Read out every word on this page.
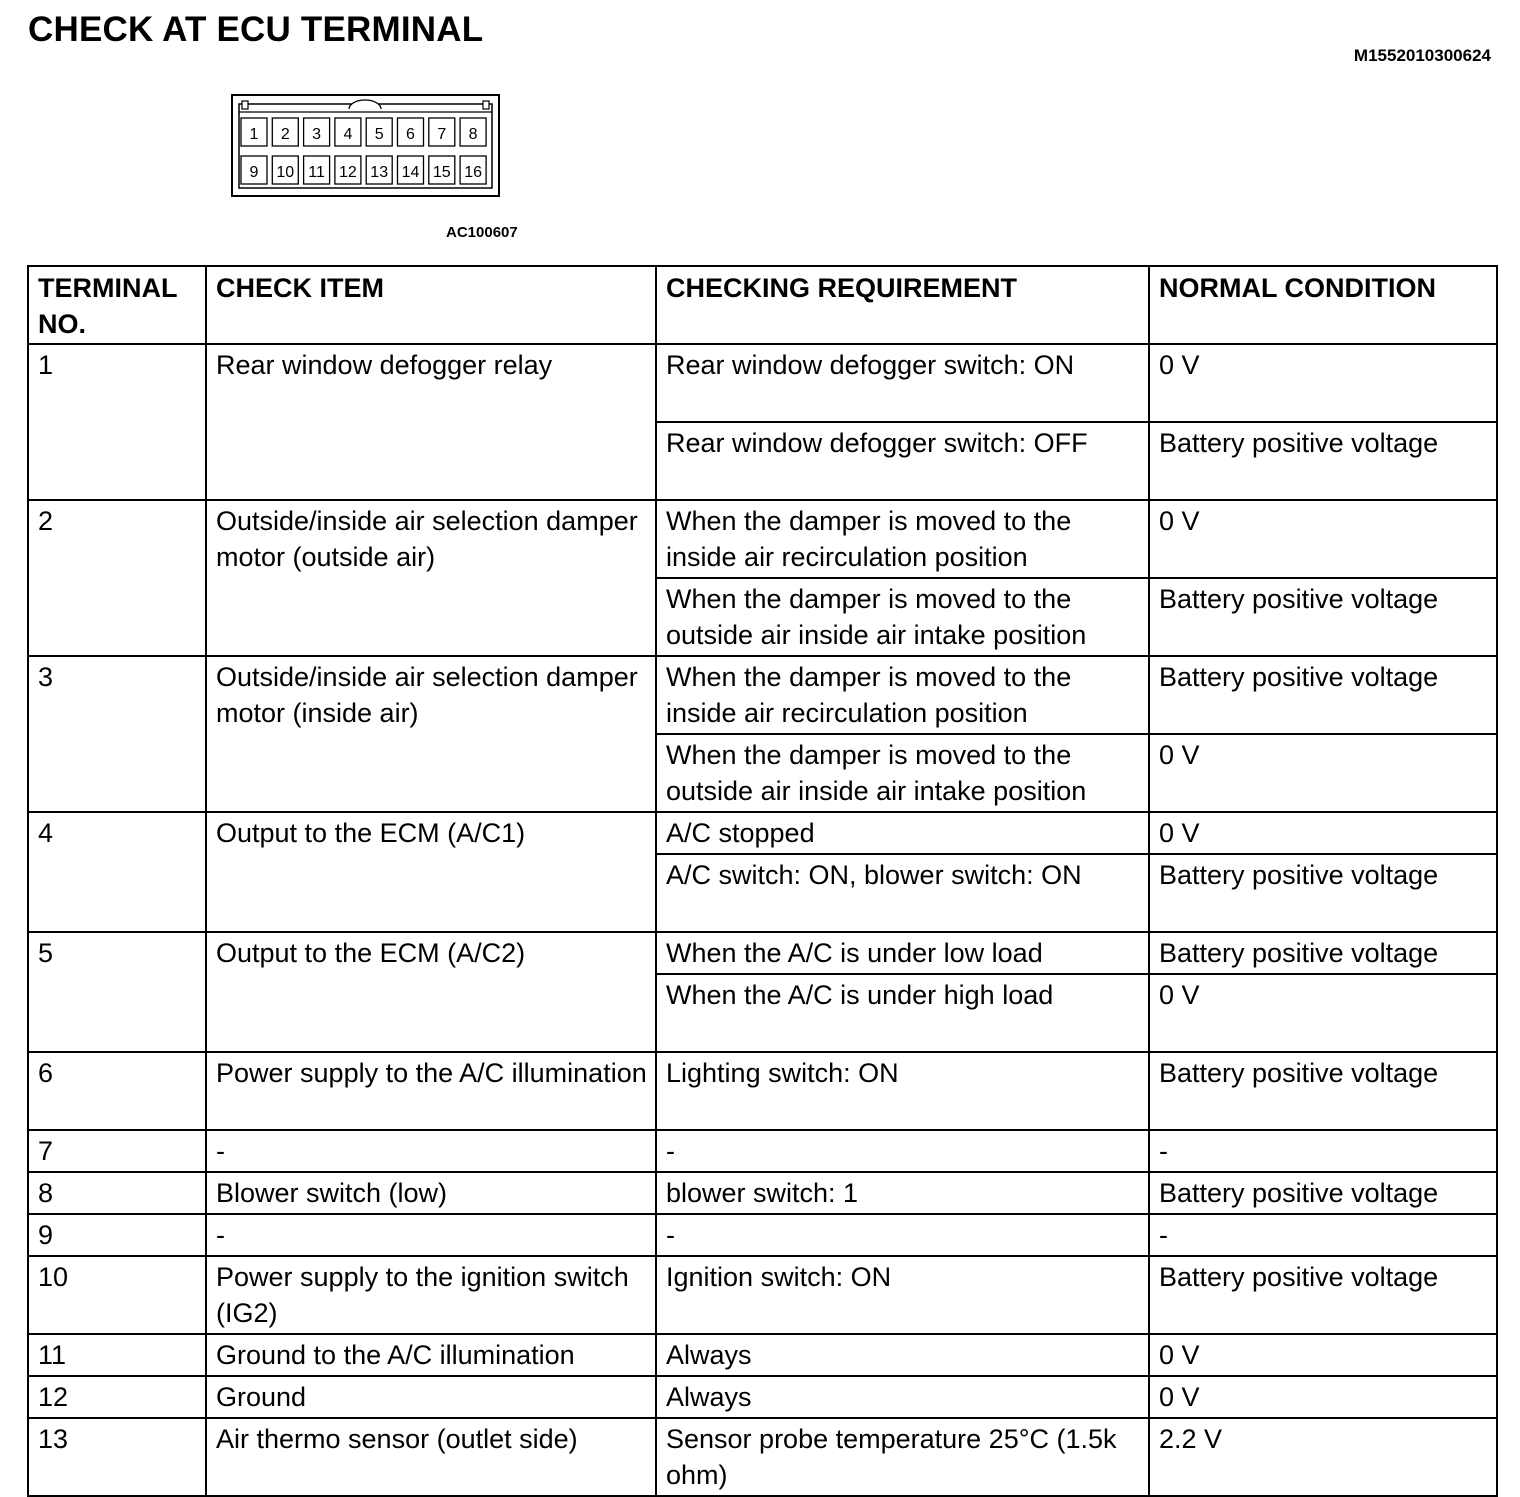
CHECK AT ECU TERMINAL
M1552010300624
1 2 3 4 5 6 7 8
9 10 11 12 13 14 15 16
AC100607
TERMINAL NO.	CHECK ITEM	CHECKING REQUIREMENT	NORMAL CONDITION
1	Rear window defogger relay	Rear window defogger switch: ON	0 V
		Rear window defogger switch: OFF	Battery positive voltage
2	Outside/inside air selection damper motor (outside air)	When the damper is moved to the inside air recirculation position	0 V
		When the damper is moved to the outside air inside air intake position	Battery positive voltage
3	Outside/inside air selection damper motor (inside air)	When the damper is moved to the inside air recirculation position	Battery positive voltage
		When the damper is moved to the outside air inside air intake position	0 V
4	Output to the ECM (A/C1)	A/C stopped	0 V
		A/C switch: ON, blower switch: ON	Battery positive voltage
5	Output to the ECM (A/C2)	When the A/C is under low load	Battery positive voltage
		When the A/C is under high load	0 V
6	Power supply to the A/C illumination	Lighting switch: ON	Battery positive voltage
7	-	-	-
8	Blower switch (low)	blower switch: 1	Battery positive voltage
9	-	-	-
10	Power supply to the ignition switch (IG2)	Ignition switch: ON	Battery positive voltage
11	Ground to the A/C illumination	Always	0 V
12	Ground	Always	0 V
13	Air thermo sensor (outlet side)	Sensor probe temperature 25°C (1.5k ohm)	2.2 V
